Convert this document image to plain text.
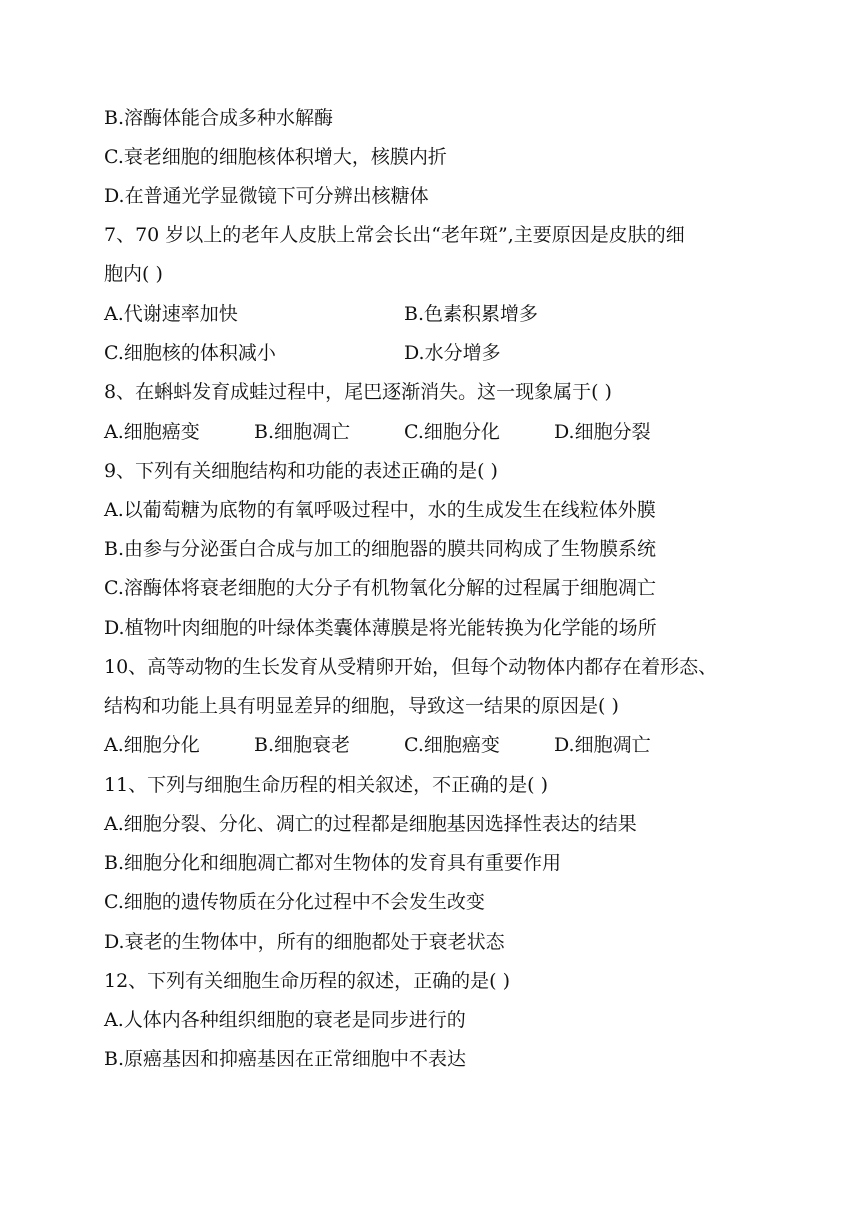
B.溶酶体能合成多种水解酶
C.衰老细胞的细胞核体积增大，核膜内折
D.在普通光学显微镜下可分辨出核糖体
7、70 岁以上的老年人皮肤上常会长出“老年斑”,主要原因是皮肤的细
胞内( )
A.代谢速率加快	B.色素积累增多
C.细胞核的体积减小	D.水分增多
8、在蝌蚪发育成蛙过程中，尾巴逐渐消失。这一现象属于( )
A.细胞癌变	B.细胞凋亡	C.细胞分化	D.细胞分裂
9、下列有关细胞结构和功能的表述正确的是( )
A.以葡萄糖为底物的有氧呼吸过程中，水的生成发生在线粒体外膜
B.由参与分泌蛋白合成与加工的细胞器的膜共同构成了生物膜系统
C.溶酶体将衰老细胞的大分子有机物氧化分解的过程属于细胞凋亡
D.植物叶肉细胞的叶绿体类囊体薄膜是将光能转换为化学能的场所
10、高等动物的生长发育从受精卵开始，但每个动物体内都存在着形态、
结构和功能上具有明显差异的细胞，导致这一结果的原因是( )
A.细胞分化	B.细胞衰老	C.细胞癌变	D.细胞凋亡
11、下列与细胞生命历程的相关叙述，不正确的是( )
A.细胞分裂、分化、凋亡的过程都是细胞基因选择性表达的结果
B.细胞分化和细胞凋亡都对生物体的发育具有重要作用
C.细胞的遗传物质在分化过程中不会发生改变
D.衰老的生物体中，所有的细胞都处于衰老状态
12、下列有关细胞生命历程的叙述，正确的是( )
A.人体内各种组织细胞的衰老是同步进行的
B.原癌基因和抑癌基因在正常细胞中不表达
